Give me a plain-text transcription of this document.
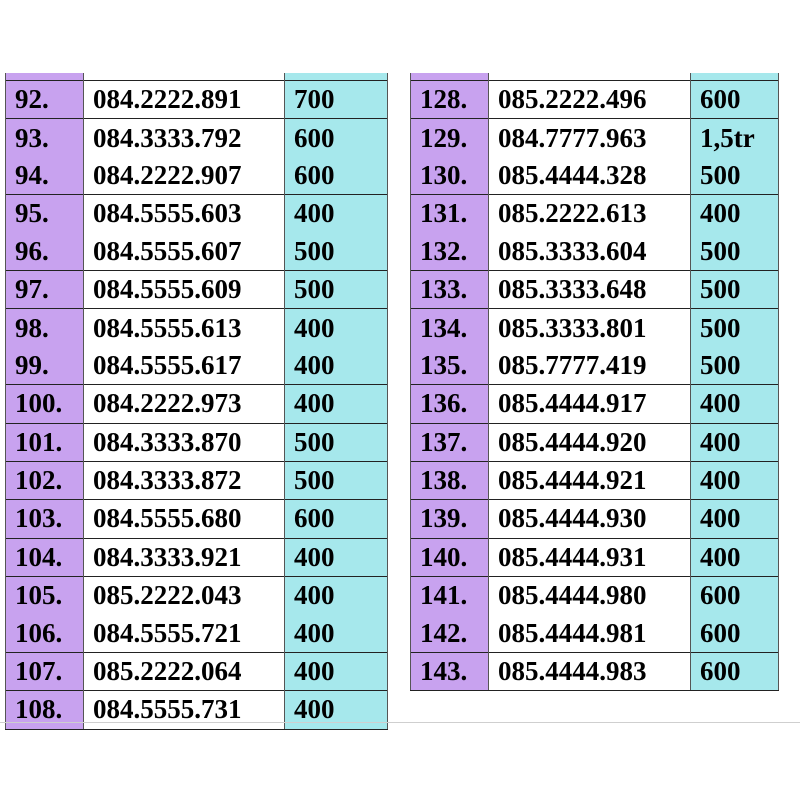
92.	084.2222.891	700
93.	084.3333.792	600
94.	084.2222.907	600
95.	084.5555.603	400
96.	084.5555.607	500
97.	084.5555.609	500
98.	084.5555.613	400
99.	084.5555.617	400
100.	084.2222.973	400
101.	084.3333.870	500
102.	084.3333.872	500
103.	084.5555.680	600
104.	084.3333.921	400
105.	085.2222.043	400
106.	084.5555.721	400
107.	085.2222.064	400
108.	084.5555.731	400

128.	085.2222.496	600
129.	084.7777.963	1,5tr
130.	085.4444.328	500
131.	085.2222.613	400
132.	085.3333.604	500
133.	085.3333.648	500
134.	085.3333.801	500
135.	085.7777.419	500
136.	085.4444.917	400
137.	085.4444.920	400
138.	085.4444.921	400
139.	085.4444.930	400
140.	085.4444.931	400
141.	085.4444.980	600
142.	085.4444.981	600
143.	085.4444.983	600
